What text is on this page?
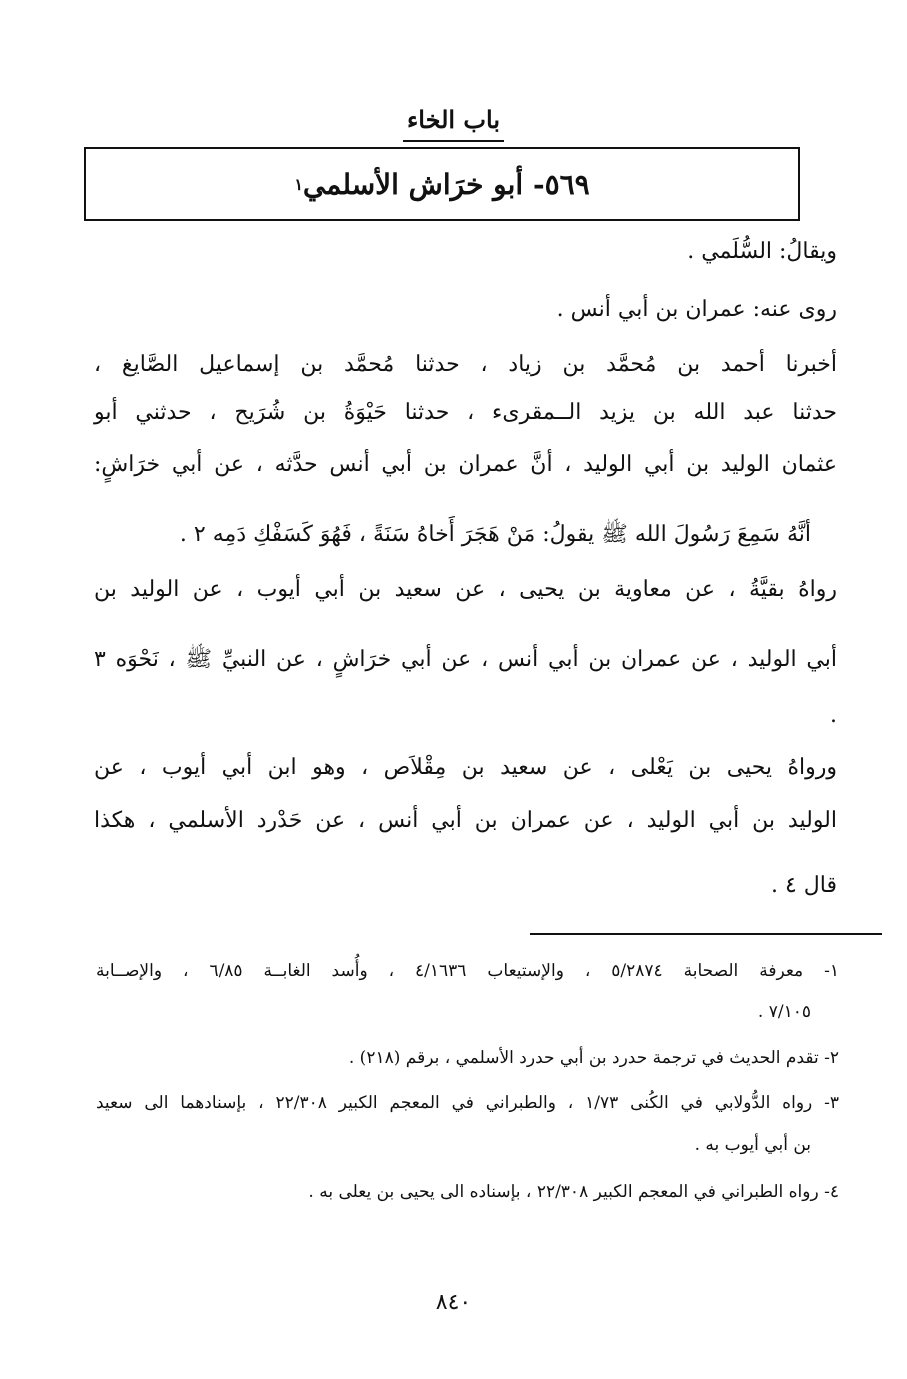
باب الخاء
٥٦٩-

أبو خرَاش الأسلمي
١
ويقالُ: السُّلَمي .
روى عنه: عمران بن أبي أنس .
أخبرنا أحمد بن مُحمَّد بن زياد ، حدثنا مُحمَّد بن إسماعيل الصَّايغ ،
حدثنا عبد الله بن يزيد الــمقرىء ، حدثنا حَيْوَةُ بن شُرَيح ، حدثني أبو
عثمان الوليد بن أبي الوليد ، أنَّ عمران بن أبي أنس حدَّثه ، عن أبي خرَاشٍ:
أنَّهُ سَمِعَ رَسُولَ الله ﷺ يقولُ: مَنْ هَجَرَ أَخاهُ سَنَةً ، فَهُوَ كَسَفْكِ دَمِه ٢ .
رواهُ بقيَّةُ ، عن معاوية بن يحيى ، عن سعيد بن أبي أيوب ، عن الوليد بن
أبي الوليد ، عن عمران بن أبي أنس ، عن أبي خرَاشٍ ، عن النبيِّ ﷺ ، نَحْوَه ٣
.
ورواهُ يحيى بن يَعْلى ، عن سعيد بن مِقْلاَص ، وهو ابن أبي أيوب ، عن
الوليد بن أبي الوليد ، عن عمران بن أبي أنس ، عن حَدْرد الأسلمي ، هكذا
قال ٤ .
١- معرفة الصحابة ٥/٢٨٧٤ ، والإستيعاب ٤/١٦٣٦ ، وأُسد الغابــة ٦/٨٥ ، والإصــابة
٧/١٠٥ .
٢- تقدم الحديث في ترجمة حدرد بن أبي حدرد الأسلمي ، برقم (٢١٨) .
٣- رواه الدُّولابي في الكُنى ١/٧٣ ، والطبراني في المعجم الكبير ٢٢/٣٠٨ ، بإسنادهما الى سعيد
بن أبي أيوب به .
٤- رواه الطبراني في المعجم الكبير ٢٢/٣٠٨ ، بإسناده الى يحيى بن يعلى به .
٨٤٠
